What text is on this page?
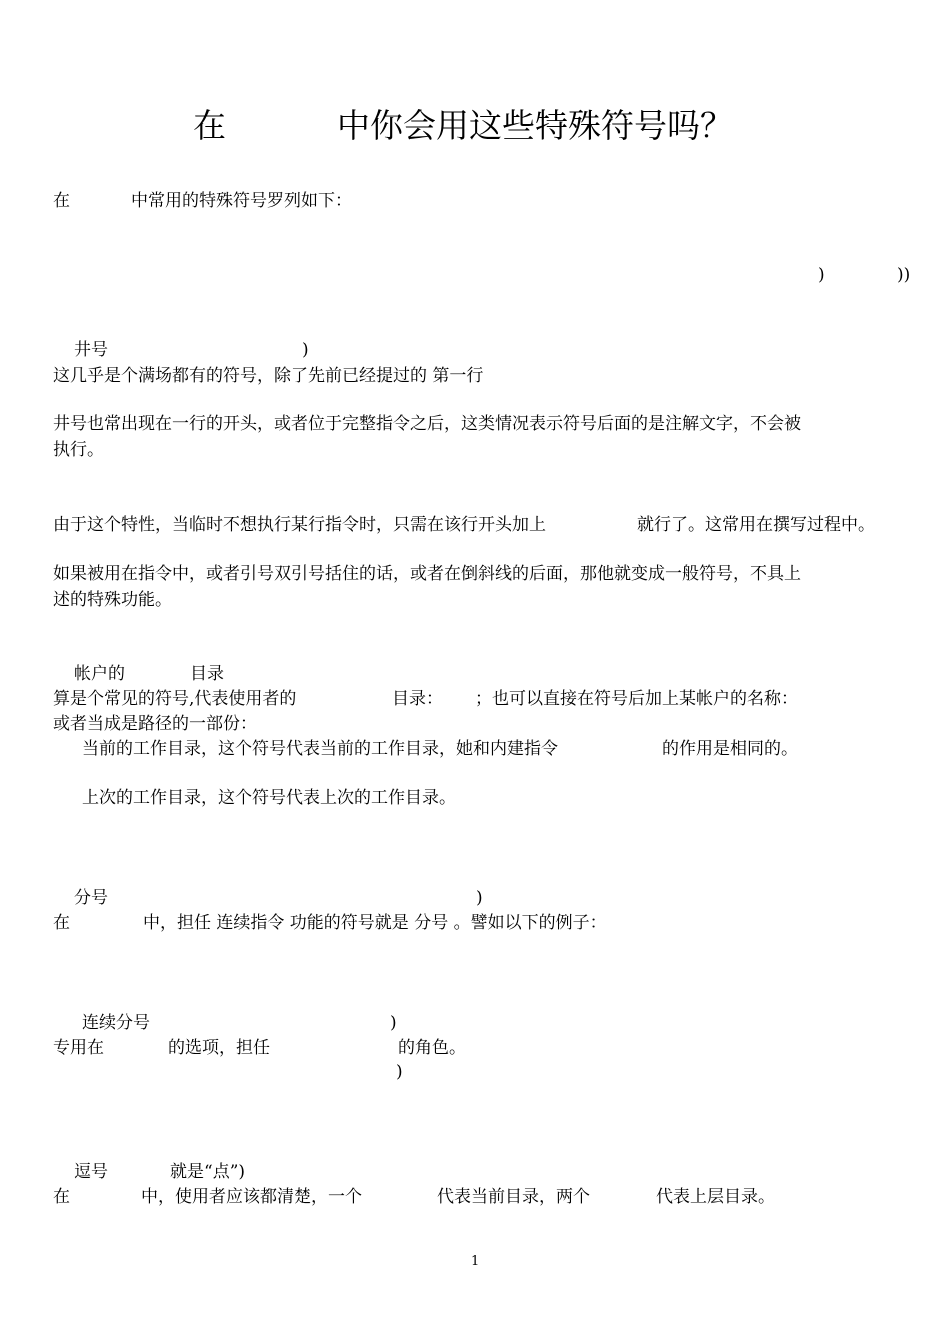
在	中你会用这些特殊符号吗？
在	中常用的特殊符号罗列如下：
)	))
井号	)
这几乎是个满场都有的符号，除了先前已经提过的 第一行
井号也常出现在一行的开头，或者位于完整指令之后，这类情况表示符号后面的是注解文字，不会被
执行。
由于这个特性，当临时不想执行某行指令时，只需在该行开头加上	就行了。这常用在撰写过程中。
如果被用在指令中，或者引号双引号括住的话，或者在倒斜线的后面，那他就变成一般符号，不具上
述的特殊功能。
帐户的	目录
算是个常见的符号,代表使用者的	目录： ；也可以直接在符号后加上某帐户的名称：
或者当成是路径的一部份：
当前的工作目录，这个符号代表当前的工作目录，她和内建指令	的作用是相同的。
上次的工作目录，这个符号代表上次的工作目录。
分号	)
在	中，担任 连续指令 功能的符号就是 分号 。譬如以下的例子：
连续分号	)
专用在	的选项，担任	的角色。
)
逗号	就是“点”)
在	中，使用者应该都清楚，一个	代表当前目录，两个	代表上层目录。
1
